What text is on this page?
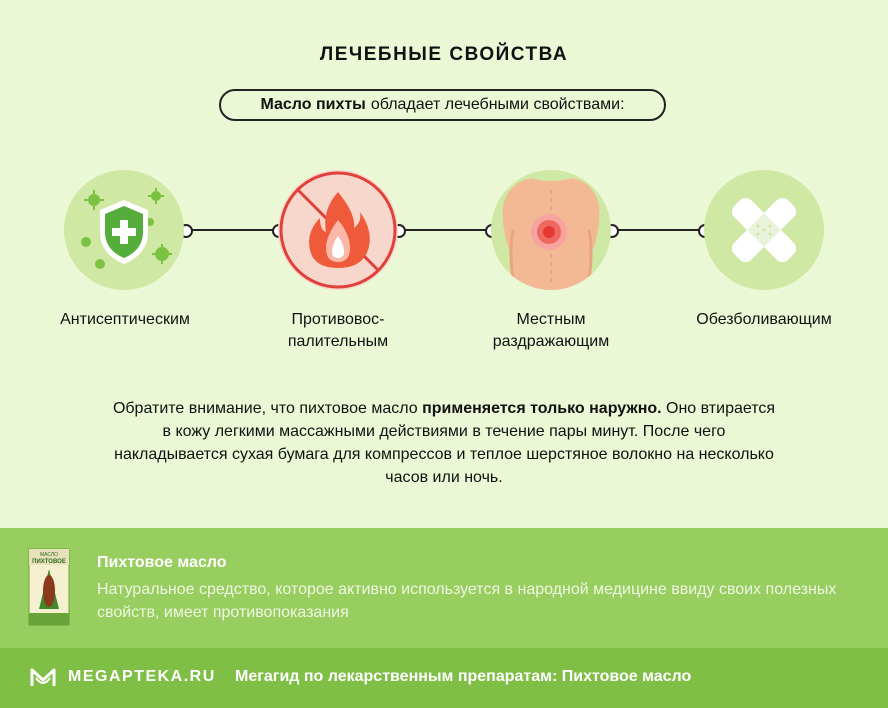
ЛЕЧЕБНЫЕ СВОЙСТВА
Масло пихты обладает лечебными свойствами:
Антисептическим	Противовос-
палительным
Местным
раздражающим
Обезболивающим
Обратите внимание, что пихтовое масло применяется только наружно. Оно втирается в кожу легкими массажными действиями в течение пары минут. После чего накладывается сухая бумага для компрессов и теплое шерстяное волокно на несколько часов или ночь.
МАСЛО
ПИХТОВОЕ Пихтовое масло
Натуральное средство, которое активно используется в народной медицине ввиду своих полезных свойств, имеет противопоказания
MEGAPTEKA.RU Мегагид по лекарственным препаратам: Пихтовое масло
